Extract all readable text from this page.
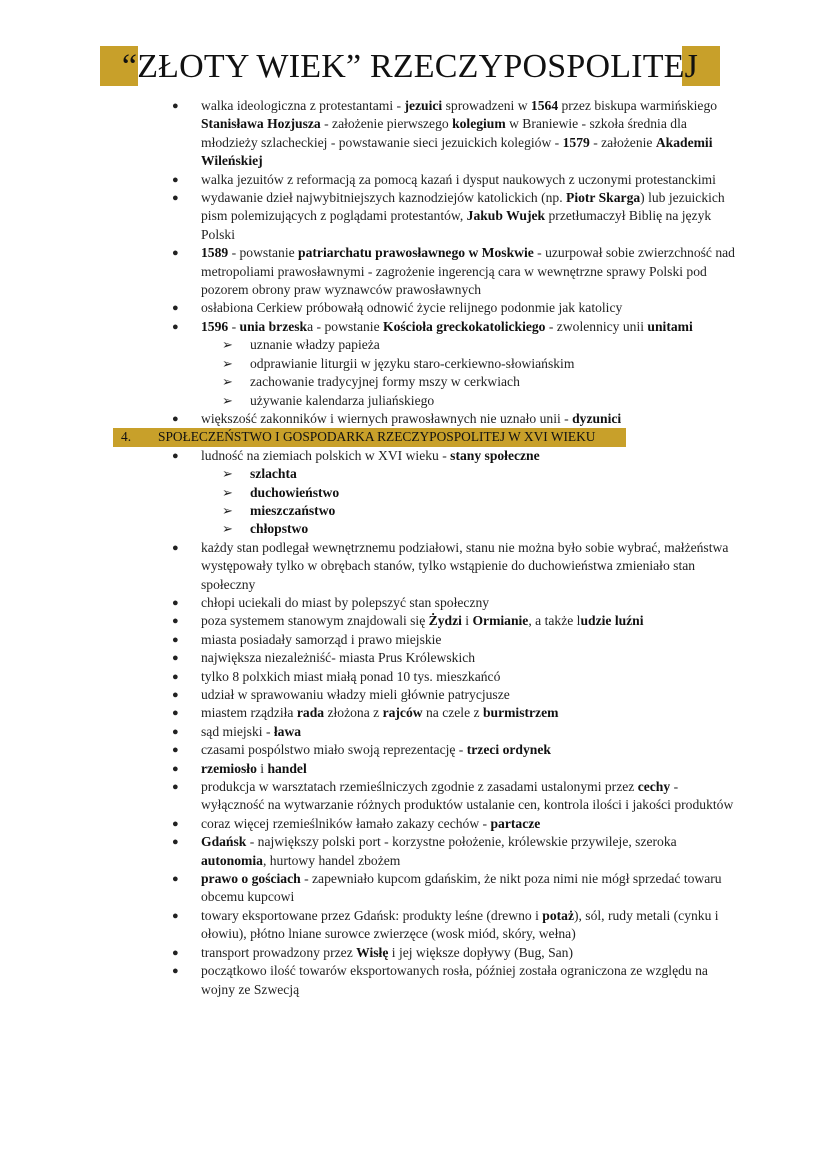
“ZŁOTY WIEK” RZECZYPOSPOLITEJ
● walka ideologiczna z protestantami - jezuici sprowadzeni w 1564 przez biskupa warmińskiego Stanisława Hozjusza - założenie pierwszego kolegium w Braniewie - szkoła średnia dla młodzieży szlacheckiej - powstawanie sieci jezuickich kolegiów - 1579 - założenie Akademii Wileńskiej
● walka jezuitów z reformacją za pomocą kazań i dysput naukowych z uczonymi protestanckimi
● wydawanie dzieł najwybitniejszych kaznodziejów katolickich (np. Piotr Skarga) lub jezuickich pism polemizujących z poglądami protestantów, Jakub Wujek przetłumaczył Biblię na język Polski
● 1589 - powstanie patriarchatu prawosławnego w Moskwie - uzurpował sobie zwierzchność nad metropoliami prawosławnymi - zagrożenie ingerencją cara w wewnętrzne sprawy Polski pod pozorem obrony praw wyznawców prawosławnych
● osłabiona Cerkiew próbowałą odnowić życie relijnego podonmie jak katolicy
● 1596 - unia brzeska - powstanie Kościoła greckokatolickiego - zwolennicy unii unitami
➢ uznanie władzy papieża
➢ odprawianie liturgii w języku staro-cerkiewno-słowiańskim
➢ zachowanie tradycyjnej formy mszy w cerkwiach
➢ używanie kalendarza juliańskiego
● większość zakonników i wiernych prawosławnych nie uznało unii - dyzunici
4. SPOŁECZEŃSTWO I GOSPODARKA RZECZYPOSPOLITEJ W XVI WIEKU
● ludność na ziemiach polskich w XVI wieku - stany społeczne
➢ szlachta
➢ duchowieństwo
➢ mieszczaństwo
➢ chłopstwo
● każdy stan podlegał wewnętrznemu podziałowi, stanu nie można było sobie wybrać, małżeństwa występowały tylko w obrębach stanów, tylko wstąpienie do duchowieństwa zmieniało stan społeczny
● chłopi uciekali do miast by polepszyć stan społeczny
● poza systemem stanowym znajdowali się Żydzi i Ormianie, a także ludzie luźni
● miasta posiadały samorząd i prawo miejskie
● największa niezależniść- miasta Prus Królewskich
● tylko 8 polxkich miast miałą ponad 10 tys. mieszkańcó
● udział w sprawowaniu władzy mieli głównie patrycjusze
● miastem rządziła rada złożona z rajców na czele z burmistrzem
● sąd miejski - ława
● czasami pospólstwo miało swoją reprezentację - trzeci ordynek
● rzemiosło i handel
● produkcja w warsztatach rzemieślniczych zgodnie z zasadami ustalonymi przez cechy - wyłączność na wytwarzanie różnych produktów ustalanie cen, kontrola ilości i jakości produktów
● coraz więcej rzemieślników łamało zakazy cechów - partacze
● Gdańsk - największy polski port - korzystne położenie, królewskie przywileje, szeroka autonomia, hurtowy handel zbożem
● prawo o gościach - zapewniało kupcom gdańskim, że nikt poza nimi nie mógł sprzedać towaru obcemu kupcowi
● towary eksportowane przez Gdańsk: produkty leśne (drewno i potaż), sól, rudy metali (cynku i ołowiu), płótno lniane surowce zwierzęce (wosk miód, skóry, wełna)
● transport prowadzony przez Wisłę i jej większe dopływy (Bug, San)
● początkowo ilość towarów eksportowanych rosła, później została ograniczona ze względu na wojny ze Szwecją
